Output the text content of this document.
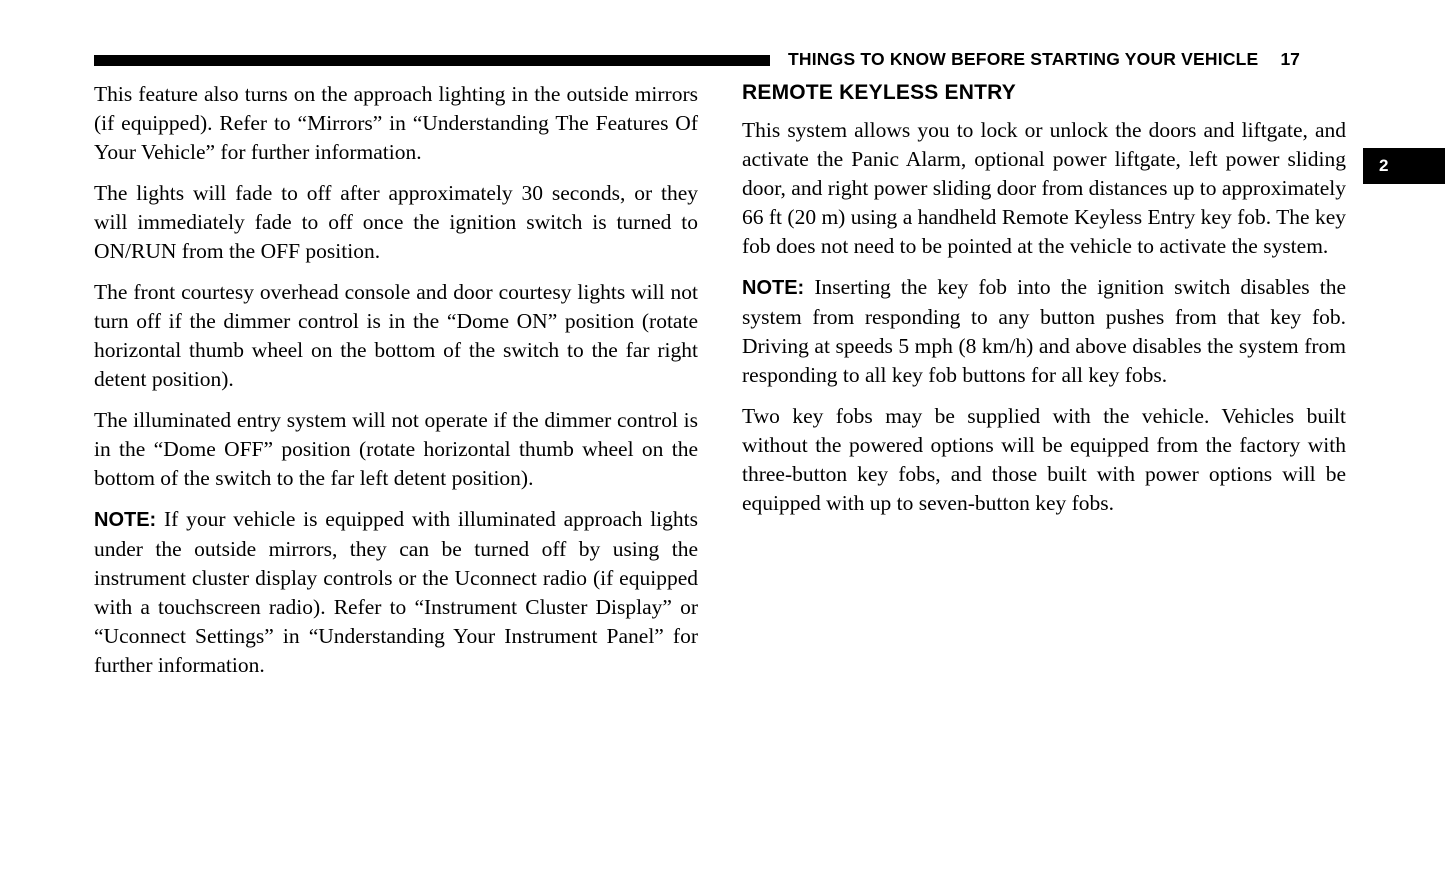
THINGS TO KNOW BEFORE STARTING YOUR VEHICLE 17
2

This feature also turns on the approach lighting in the outside mirrors (if equipped). Refer to “Mirrors” in “Understanding The Features Of Your Vehicle” for further information.

The lights will fade to off after approximately 30 seconds, or they will immediately fade to off once the ignition switch is turned to ON/RUN from the OFF position.

The front courtesy overhead console and door courtesy lights will not turn off if the dimmer control is in the “Dome ON” position (rotate horizontal thumb wheel on the bottom of the switch to the far right detent position).

The illuminated entry system will not operate if the dimmer control is in the “Dome OFF” position (rotate horizontal thumb wheel on the bottom of the switch to the far left detent position).

NOTE: If your vehicle is equipped with illuminated approach lights under the outside mirrors, they can be turned off by using the instrument cluster display controls or the Uconnect radio (if equipped with a touchscreen radio). Refer to “Instrument Cluster Display” or “Uconnect Settings” in “Understanding Your Instrument Panel” for further information.

REMOTE KEYLESS ENTRY

This system allows you to lock or unlock the doors and liftgate, and activate the Panic Alarm, optional power liftgate, left power sliding door, and right power sliding door from distances up to approximately 66 ft (20 m) using a handheld Remote Keyless Entry key fob. The key fob does not need to be pointed at the vehicle to activate the system.

NOTE: Inserting the key fob into the ignition switch disables the system from responding to any button pushes from that key fob. Driving at speeds 5 mph (8 km/h) and above disables the system from responding to all key fob buttons for all key fobs.

Two key fobs may be supplied with the vehicle. Vehicles built without the powered options will be equipped from the factory with three-button key fobs, and those built with power options will be equipped with up to seven-button key fobs.
